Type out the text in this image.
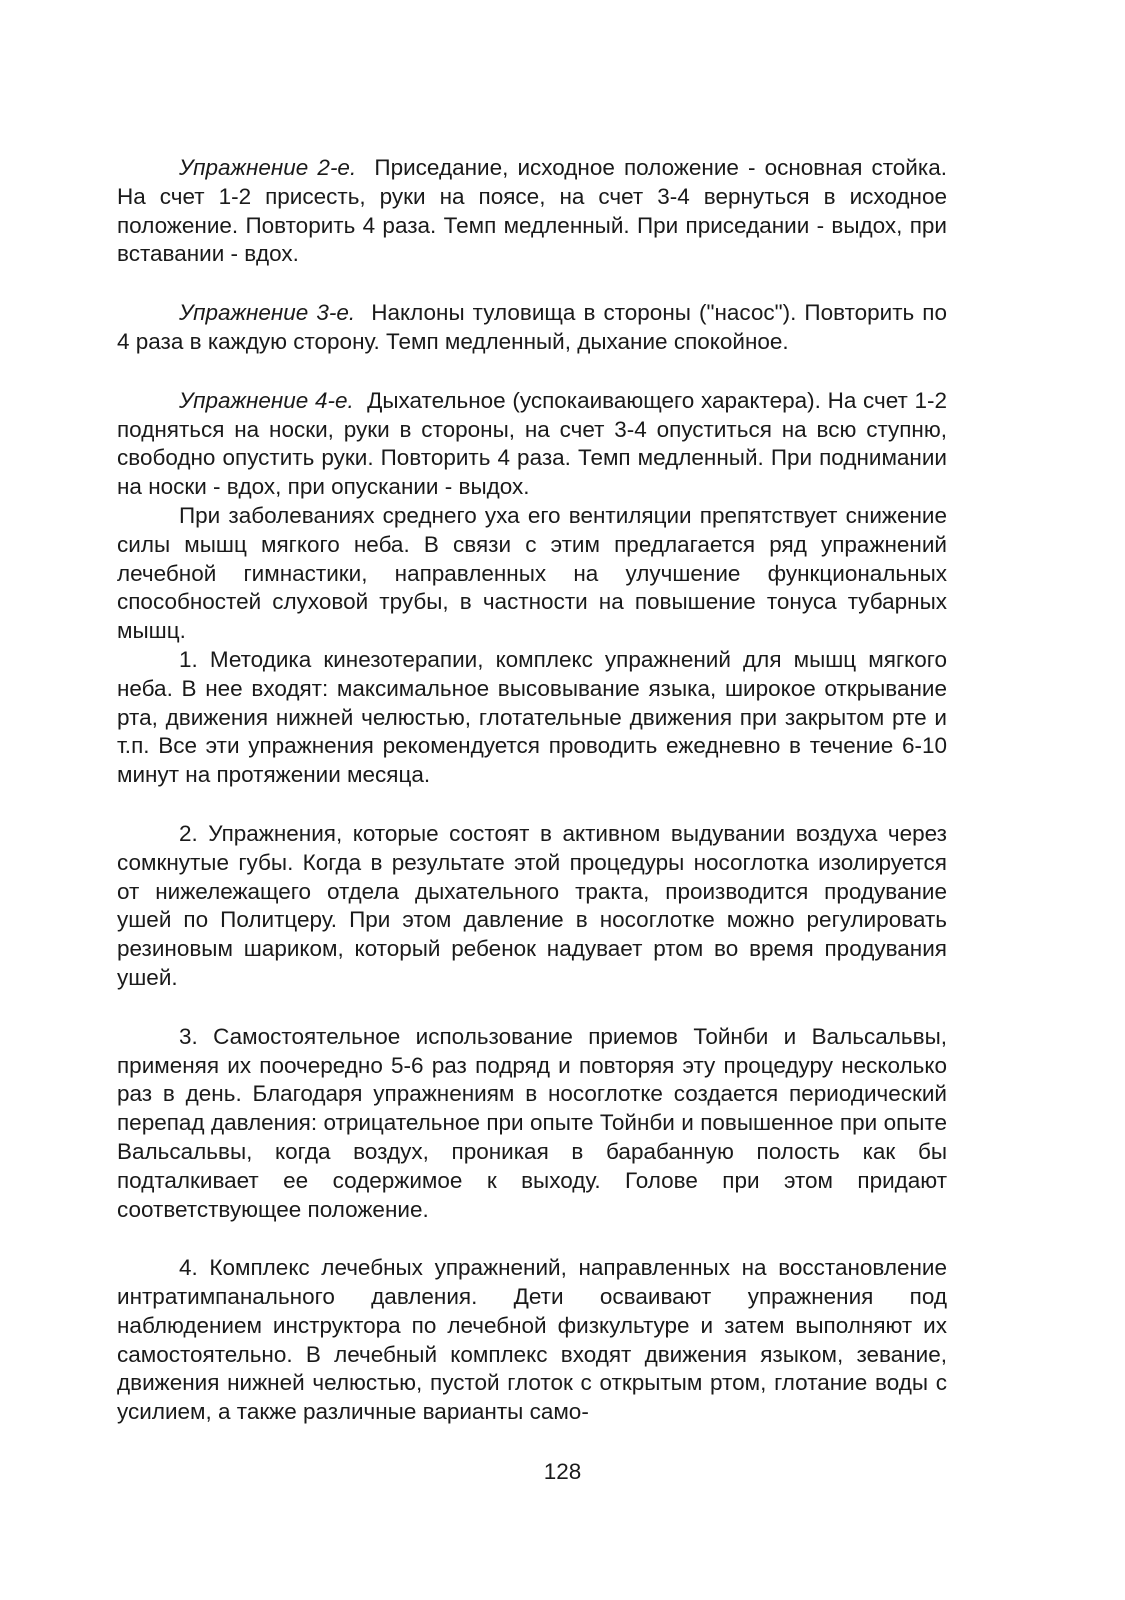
Упражнение 2-е. Приседание, исходное положение - основная стойка. На счет 1-2 присесть, руки на поясе, на счет 3-4 вернуться в исходное положение. Повторить 4 раза. Темп медленный. При приседании - выдох, при вставании - вдох.

Упражнение 3-е. Наклоны туловища в стороны ("насос"). Повторить по 4 раза в каждую сторону. Темп медленный, дыхание спокойное.

Упражнение 4-е. Дыхательное (успокаивающего характера). На счет 1-2 подняться на носки, руки в стороны, на счет 3-4 опуститься на всю ступню, свободно опустить руки. Повторить 4 раза. Темп медленный. При поднимании на носки - вдох, при опускании - выдох.

При заболеваниях среднего уха его вентиляции препятствует снижение силы мышц мягкого неба. В связи с этим предлагается ряд упражнений лечебной гимнастики, направленных на улучшение функциональных способностей слуховой трубы, в частности на повышение тонуса тубарных мышц.

1. Методика кинезотерапии, комплекс упражнений для мышц мягкого неба. В нее входят: максимальное высовывание языка, широкое открывание рта, движения нижней челюстью, глотательные движения при закрытом рте и т.п. Все эти упражнения рекомендуется проводить ежедневно в течение 6-10 минут на протяжении месяца.

2. Упражнения, которые состоят в активном выдувании воздуха через сомкнутые губы. Когда в результате этой процедуры носоглотка изолируется от нижележащего отдела дыхательного тракта, производится продувание ушей по Политцеру. При этом давление в носоглотке можно регулировать резиновым шариком, который ребенок надувает ртом во время продувания ушей.

3. Самостоятельное использование приемов Тойнби и Вальсальвы, применяя их поочередно 5-6 раз подряд и повторяя эту процедуру несколько раз в день. Благодаря упражнениям в носоглотке создается периодический перепад давления: отрицательное при опыте Тойнби и повышенное при опыте Вальсальвы, когда воздух, проникая в барабанную полость как бы подталкивает ее содержимое к выходу. Голове при этом придают соответствующее положение.

4. Комплекс лечебных упражнений, направленных на восстановление интратимпанального давления. Дети осваивают упражнения под наблюдением инструктора по лечебной физкультуре и затем выполняют их самостоятельно. В лечебный комплекс входят движения языком, зевание, движения нижней челюстью, пустой глоток с открытым ртом, глотание воды с усилием, а также различные варианты само-

128
